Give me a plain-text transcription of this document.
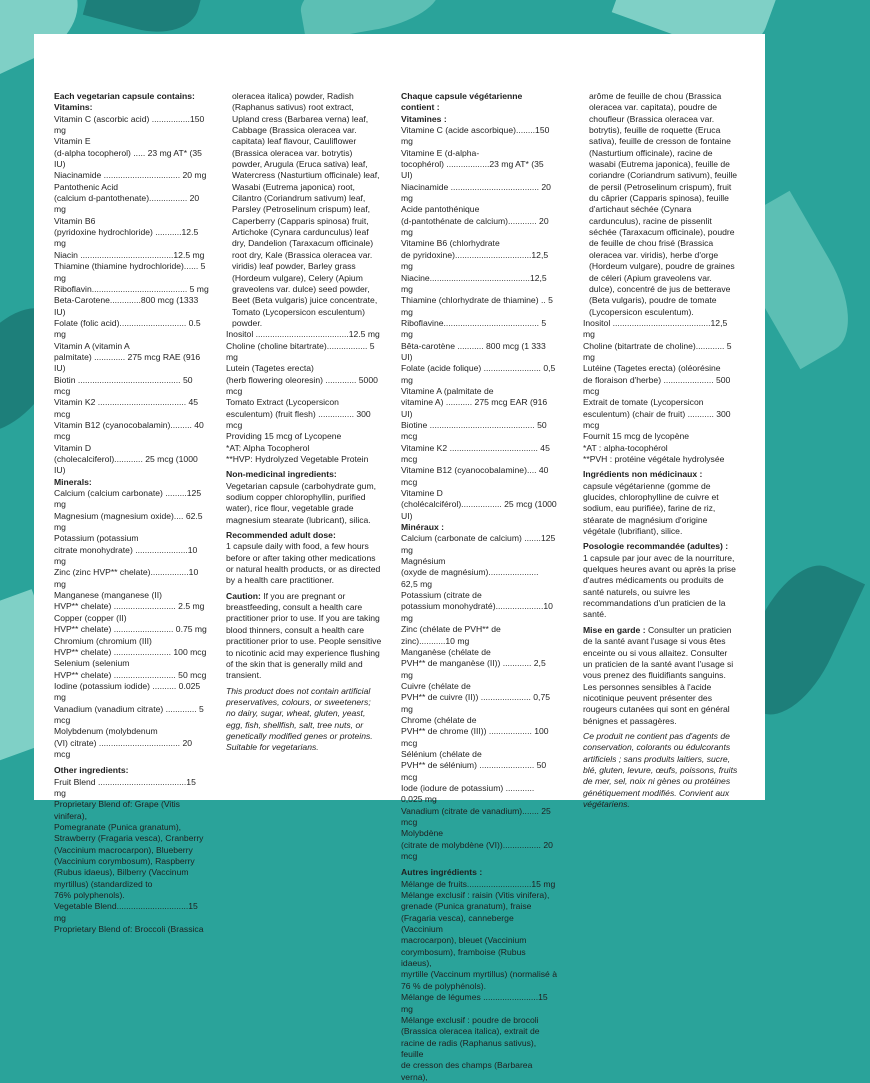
Each vegetarian capsule contains:
Vitamins:
Vitamin C (ascorbic acid) ................150 mg
Vitamin E
(d-alpha tocopherol) ..... 23 mg AT* (35 IU)
Niacinamide ................................ 20 mg
Pantothenic Acid
(calcium d-pantothenate)................ 20 mg
Vitamin B6
(pyridoxine hydrochloride) ...........12.5 mg
Niacin .......................................12.5 mg
Thiamine (thiamine hydrochloride)...... 5 mg
Riboflavin........................................ 5 mg
Beta-Carotene.............800 mcg (1333 IU)
Folate (folic acid)............................ 0.5 mg
Vitamin A (vitamin A
palmitate) ............. 275 mcg RAE (916 IU)
Biotin ........................................... 50 mcg
Vitamin K2 ..................................... 45 mcg
Vitamin B12 (cyanocobalamin)......... 40 mcg
Vitamin D
(cholecalciferol)............ 25 mcg (1000 IU)
Minerals:
Calcium (calcium carbonate) .........125 mg
Magnesium (magnesium oxide).... 62.5 mg
Potassium (potassium
citrate monohydrate) ......................10 mg
Zinc (zinc HVP** chelate)................10 mg
Manganese (manganese (II)
HVP** chelate) .......................... 2.5 mg
Copper (copper (II)
HVP** chelate) ......................... 0.75 mg
Chromium (chromium (III)
HVP** chelate) ........................ 100 mcg
Selenium (selenium
HVP** chelate) .......................... 50 mcg
Iodine (potassium iodide) .......... 0.025 mg
Vanadium (vanadium citrate) ............. 5 mcg
Molybdenum (molybdenum
(VI) citrate) .................................. 20 mcg
Other ingredients:
Fruit Blend .....................................15 mg
Proprietary Blend of: Grape (Vitis vinifera),
Pomegranate (Punica granatum),
Strawberry (Fragaria vesca), Cranberry
(Vaccinium macrocarpon), Blueberry
(Vaccinium corymbosum), Raspberry
(Rubus idaeus), Bilberry (Vaccinum
myrtillus) (standardized to
76% polyphenols).
Vegetable Blend..............................15 mg
Proprietary Blend of: Broccoli (Brassica
oleracea italica) powder, Radish (Raphanus sativus) root extract, Upland cress (Barbarea verna) leaf, Cabbage (Brassica oleracea var. capitata) leaf flavour, Cauliflower (Brassica oleracea var. botrytis) powder, Arugula (Eruca sativa) leaf, Watercress (Nasturtium officinale) leaf, Wasabi (Eutrema japonica) root, Cilantro (Coriandrum sativum) leaf, Parsley (Petroselinum crispum) leaf, Caperberry (Capparis spinosa) fruit, Artichoke (Cynara cardunculus) leaf dry, Dandelion (Taraxacum officinale) root dry, Kale (Brassica oleracea var. viridis) leaf powder, Barley grass (Hordeum vulgare), Celery (Apium graveolens var. dulce) seed powder, Beet (Beta vulgaris) juice concentrate, Tomato (Lycopersicon esculentum) powder.
Inositol .......................................12.5 mg
Choline (choline bitartrate)................. 5 mg
Lutein (Tagetes erecta)
(herb flowering oleoresin) ............. 5000 mcg
Tomato Extract (Lycopersicon
esculentum) (fruit flesh) ............... 300 mcg
Providing 15 mcg of Lycopene
*AT: Alpha Tocopherol
**HVP: Hydrolyzed Vegetable Protein
Non-medicinal ingredients:
Vegetarian capsule (carbohydrate gum, sodium copper chlorophyllin, purified water), rice flour, vegetable grade magnesium stearate (lubricant), silica.
Recommended adult dose:
1 capsule daily with food, a few hours before or after taking other medications or natural health products, or as directed by a health care practitioner.
Caution: If you are pregnant or breastfeeding, consult a health care practitioner prior to use. If you are taking blood thinners, consult a health care practitioner prior to use. People sensitive to nicotinic acid may experience flushing of the skin that is generally mild and transient.
This product does not contain artificial preservatives, colours, or sweeteners; no dairy, sugar, wheat, gluten, yeast, egg, fish, shellfish, salt, tree nuts, or genetically modified genes or proteins. Suitable for vegetarians.
Chaque capsule végétarienne contient :
Vitamines :
Vitamine C (acide ascorbique)........150 mg
Vitamine E (d-alpha-
tocophérol) ..................23 mg AT* (35 UI)
Niacinamide ..................................... 20 mg
Acide pantothénique
(d-pantothénate de calcium)............ 20 mg
Vitamine B6 (chlorhydrate
de pyridoxine)................................12,5 mg
Niacine..........................................12,5 mg
Thiamine (chlorhydrate de thiamine) .. 5 mg
Riboflavine........................................ 5 mg
Bêta-carotène ........... 800 mcg (1 333 UI)
Folate (acide folique) ........................ 0,5 mg
Vitamine A (palmitate de
vitamine A) ........... 275 mcg EAR (916 UI)
Biotine ............................................ 50 mcg
Vitamine K2 ..................................... 45 mcg
Vitamine B12 (cyanocobalamine).... 40 mcg
Vitamine D
(cholécalciférol)................. 25 mcg (1000 UI)
Minéraux :
Calcium (carbonate de calcium) .......125 mg
Magnésium
(oxyde de magnésium)..................... 62,5 mg
Potassium (citrate de
potassium monohydraté)....................10 mg
Zinc (chélate de PVH** de zinc)...........10 mg
Manganèse (chélate de
PVH** de manganèse (II)) ............ 2,5 mg
Cuivre (chélate de
PVH** de cuivre (II)) ..................... 0,75 mg
Chrome (chélate de
PVH** de chrome (III)) .................. 100 mcg
Sélénium (chélate de
PVH** de sélénium) ....................... 50 mcg
Iode (iodure de potassium) ............ 0,025 mg
Vanadium (citrate de vanadium)....... 25 mcg
Molybdène
(citrate de molybdène (VI))................ 20 mcg
Autres ingrédients :
Mélange de fruits...........................15 mg
Mélange exclusif : raisin (Vitis vinifera),
grenade (Punica granatum), fraise
(Fragaria vesca), canneberge (Vaccinium
macrocarpon), bleuet (Vaccinium
corymbosum), framboise (Rubus idaeus),
myrtille (Vaccinum myrtillus) (normalisé à
76 % de polyphénols).
Mélange de légumes .......................15 mg
Mélange exclusif : poudre de brocoli
(Brassica oleracea italica), extrait de
racine de radis (Raphanus sativus), feuille
de cresson des champs (Barbarea verna),
arôme de feuille de chou (Brassica oleracea var. capitata), poudre de choufleur (Brassica oleracea var. botrytis), feuille de roquette (Eruca sativa), feuille de cresson de fontaine (Nasturtium officinale), racine de wasabi (Eutrema japonica), feuille de coriandre (Coriandrum sativum), feuille de persil (Petroselinum crispum), fruit du câprier (Capparis spinosa), feuille d'artichaut séchée (Cynara cardunculus), racine de pissenlit séchée (Taraxacum officinale), poudre de feuille de chou frisé (Brassica oleracea var. viridis), herbe d'orge (Hordeum vulgare), poudre de graines de céleri (Apium graveolens var. dulce), concentré de jus de betterave (Beta vulgaris), poudre de tomate (Lycopersicon esculentum).
Inositol .........................................12,5 mg
Choline (bitartrate de choline)............ 5 mg
Lutéine (Tagetes erecta) (oléorésine
de floraison d'herbe) ..................... 500 mcg
Extrait de tomate (Lycopersicon
esculentum) (chair de fruit) ........... 300 mcg
Fournit 15 mcg de lycopène
*AT : alpha-tocophérol
**PVH : protéine végétale hydrolysée
Ingrédients non médicinaux :
capsule végétarienne (gomme de glucides, chlorophylline de cuivre et sodium, eau purifiée), farine de riz, stéarate de magnésium d'origine végétale (lubrifiant), silice.
Posologie recommandée (adultes) :
1 capsule par jour avec de la nourriture, quelques heures avant ou après la prise d'autres médicaments ou produits de santé naturels, ou suivre les recommandations d'un praticien de la santé.
Mise en garde : Consulter un praticien de la santé avant l'usage si vous êtes enceinte ou si vous allaitez. Consulter un praticien de la santé avant l'usage si vous prenez des fluidifiants sanguins. Les personnes sensibles à l'acide nicotinique peuvent présenter des rougeurs cutanées qui sont en général bénignes et passagères.
Ce produit ne contient pas d'agents de conservation, colorants ou édulcorants artificiels ; sans produits laitiers, sucre, blé, gluten, levure, œufs, poissons, fruits de mer, sel, noix ni gènes ou protéines génétiquement modifiés. Convient aux végétariens.
